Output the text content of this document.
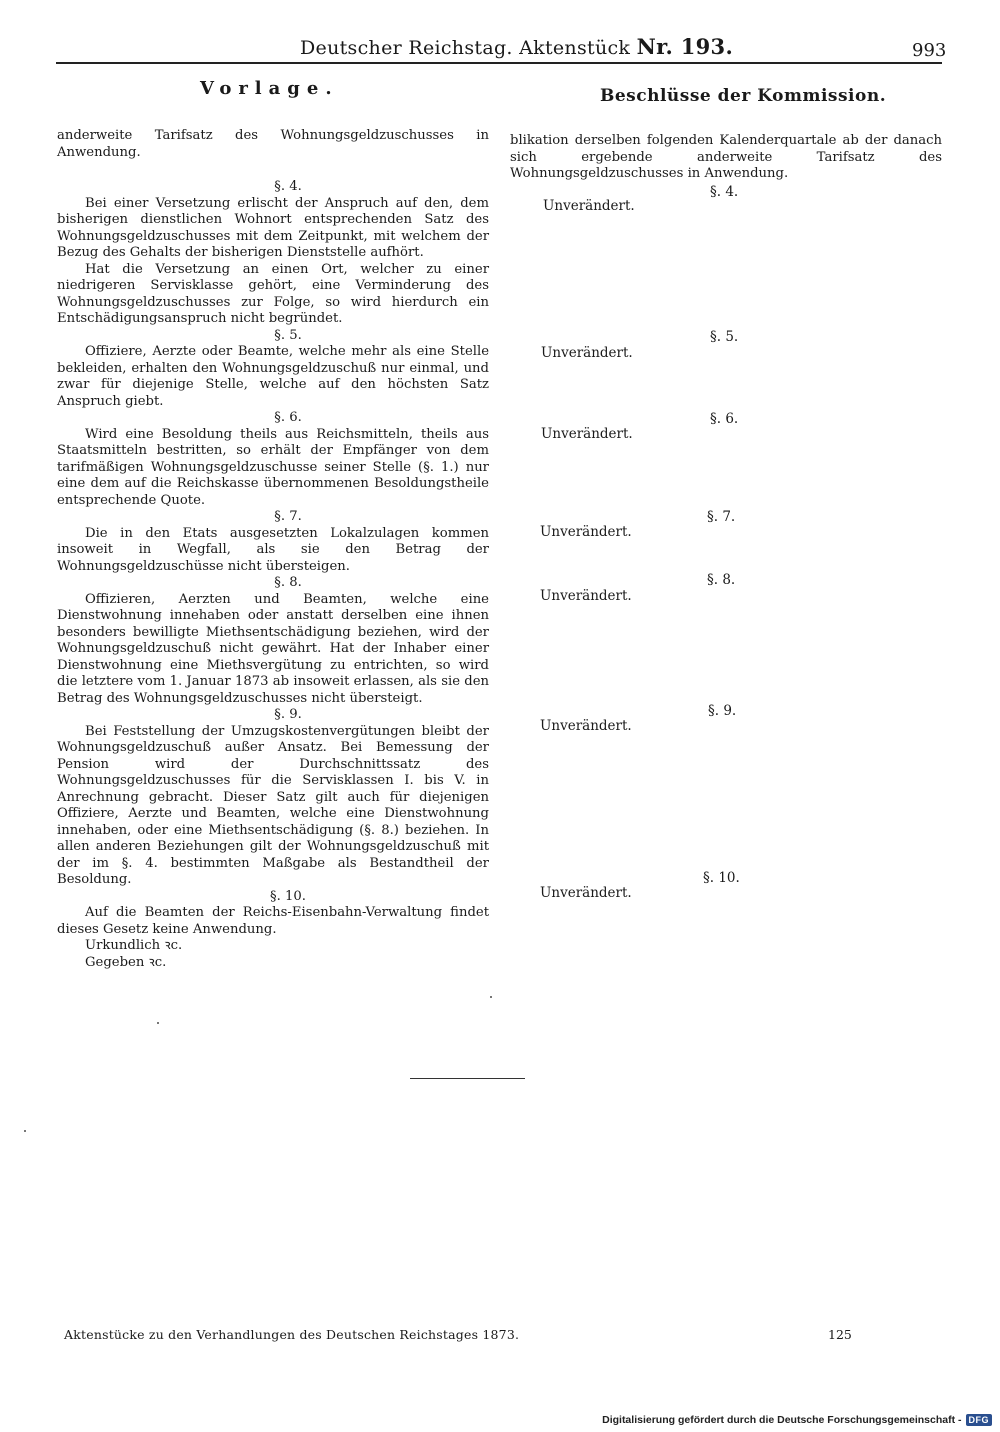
Deutscher Reichstag. Aktenstück Nr. 193.	993
Vorlage.	Beschlüsse der Kommission.

anderweite Tarifsatz des Wohnungsgeldzuschusses in Anwendung.

§. 4.

Bei einer Versetzung erlischt der Anspruch auf den, dem bisherigen dienstlichen Wohnort entsprechenden Satz des Wohnungsgeldzuschusses mit dem Zeitpunkt, mit welchem der Bezug des Gehalts der bisherigen Dienststelle aufhört.

Hat die Versetzung an einen Ort, welcher zu einer niedrigeren Servisklasse gehört, eine Verminderung des Wohnungsgeldzuschusses zur Folge, so wird hierdurch ein Entschädigungsanspruch nicht begründet.

§. 5.

Offiziere, Aerzte oder Beamte, welche mehr als eine Stelle bekleiden, erhalten den Wohnungsgeldzuschuß nur einmal, und zwar für diejenige Stelle, welche auf den höchsten Satz Anspruch giebt.

§. 6.

Wird eine Besoldung theils aus Reichsmitteln, theils aus Staatsmitteln bestritten, so erhält der Empfänger von dem tarifmäßigen Wohnungsgeldzuschusse seiner Stelle (§. 1.) nur eine dem auf die Reichskasse übernommenen Besoldungstheile entsprechende Quote.

§. 7.

Die in den Etats ausgesetzten Lokalzulagen kommen insoweit in Wegfall, als sie den Betrag der Wohnungsgeldzuschüsse nicht übersteigen.

§. 8.

Offizieren, Aerzten und Beamten, welche eine Dienstwohnung innehaben oder anstatt derselben eine ihnen besonders bewilligte Miethsentschädigung beziehen, wird der Wohnungsgeldzuschuß nicht gewährt. Hat der Inhaber einer Dienstwohnung eine Miethsvergütung zu entrichten, so wird die letztere vom 1. Januar 1873 ab insoweit erlassen, als sie den Betrag des Wohnungsgeldzuschusses nicht übersteigt.

§. 9.

Bei Feststellung der Umzugskostenvergütungen bleibt der Wohnungsgeldzuschuß außer Ansatz. Bei Bemessung der Pension wird der Durchschnittssatz des Wohnungsgeldzuschusses für die Servisklassen I. bis V. in Anrechnung gebracht. Dieser Satz gilt auch für diejenigen Offiziere, Aerzte und Beamten, welche eine Dienstwohnung innehaben, oder eine Miethsentschädigung (§. 8.) beziehen. In allen anderen Beziehungen gilt der Wohnungsgeldzuschuß mit der im §. 4. bestimmten Maßgabe als Bestandtheil der Besoldung.

§. 10.

Auf die Beamten der Reichs-Eisenbahn-Verwaltung findet dieses Gesetz keine Anwendung.

Urkundlich ꝛc.

Gegeben ꝛc.

blikation derselben folgenden Kalenderquartale ab der danach sich ergebende anderweite Tarifsatz des Wohnungsgeldzuschusses in Anwendung.
§. 4.
Unverändert.
§. 5.
Unverändert.
§. 6.
Unverändert.
§. 7.
Unverändert.
§. 8.
Unverändert.
§. 9.
Unverändert.
§. 10.
Unverändert.
Aktenstücke zu den Verhandlungen des Deutschen Reichstages 1873.	125
Digitalisierung gefördert durch die Deutsche Forschungsgemeinschaft - DFG
